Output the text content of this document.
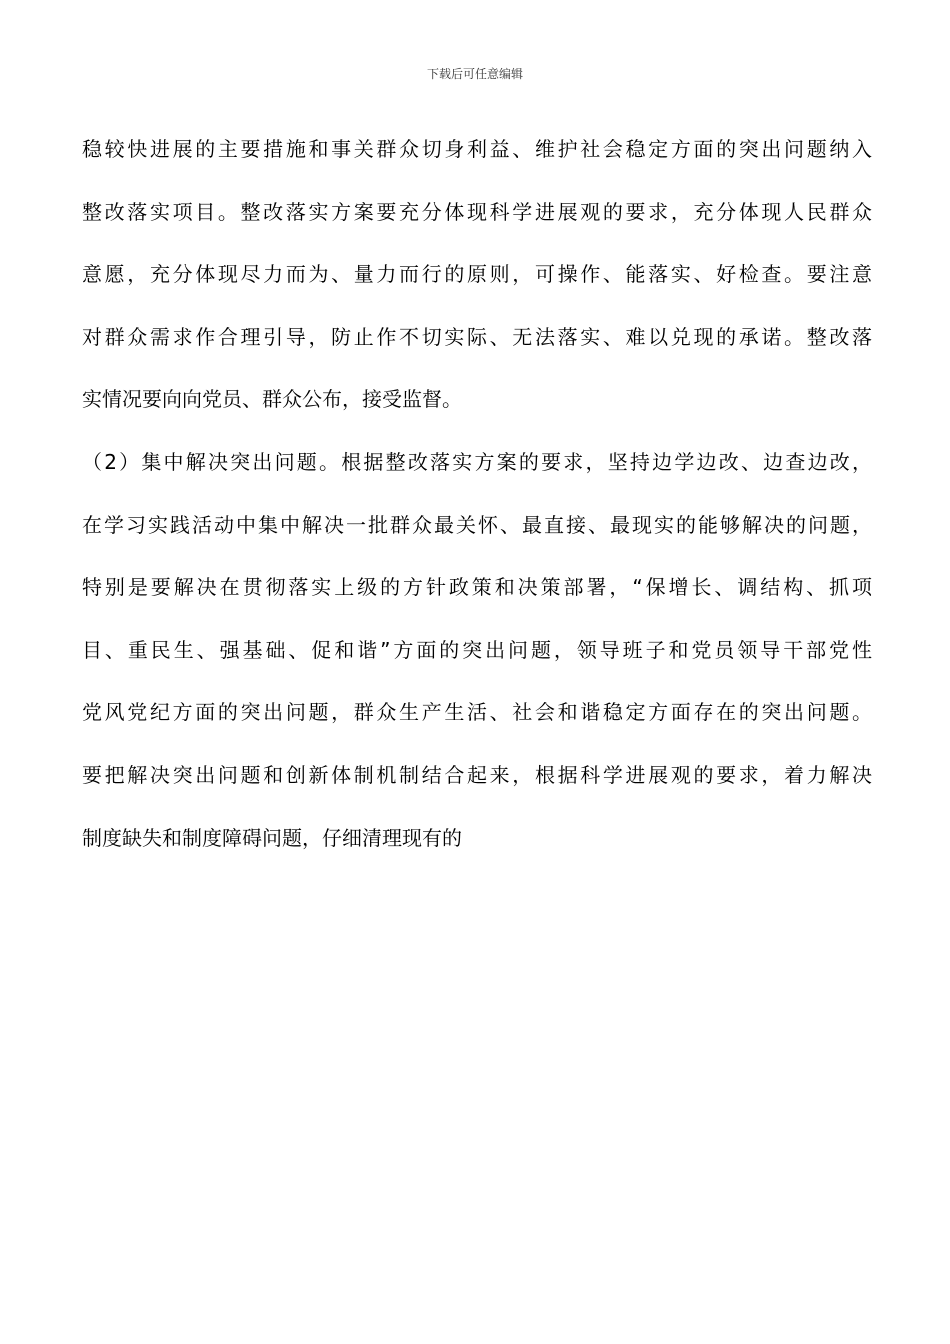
下载后可任意编辑
稳较快进展的主要措施和事关群众切身利益、维护社会稳定方面的突出问题纳入
整改落实项目。整改落实方案要充分体现科学进展观的要求，充分体现人民群众
意愿，充分体现尽力而为、量力而行的原则，可操作、能落实、好检查。要注意
对群众需求作合理引导，防止作不切实际、无法落实、难以兑现的承诺。整改落
实情况要向向党员、群众公布，接受监督。
（2）集中解决突出问题。根据整改落实方案的要求，坚持边学边改、边查边改，
在学习实践活动中集中解决一批群众最关怀、最直接、最现实的能够解决的问题，
特别是要解决在贯彻落实上级的方针政策和决策部署，“保增长、调结构、抓项
目、重民生、强基础、促和谐”方面的突出问题，领导班子和党员领导干部党性
党风党纪方面的突出问题，群众生产生活、社会和谐稳定方面存在的突出问题。
要把解决突出问题和创新体制机制结合起来，根据科学进展观的要求，着力解决
制度缺失和制度障碍问题，仔细清理现有的
